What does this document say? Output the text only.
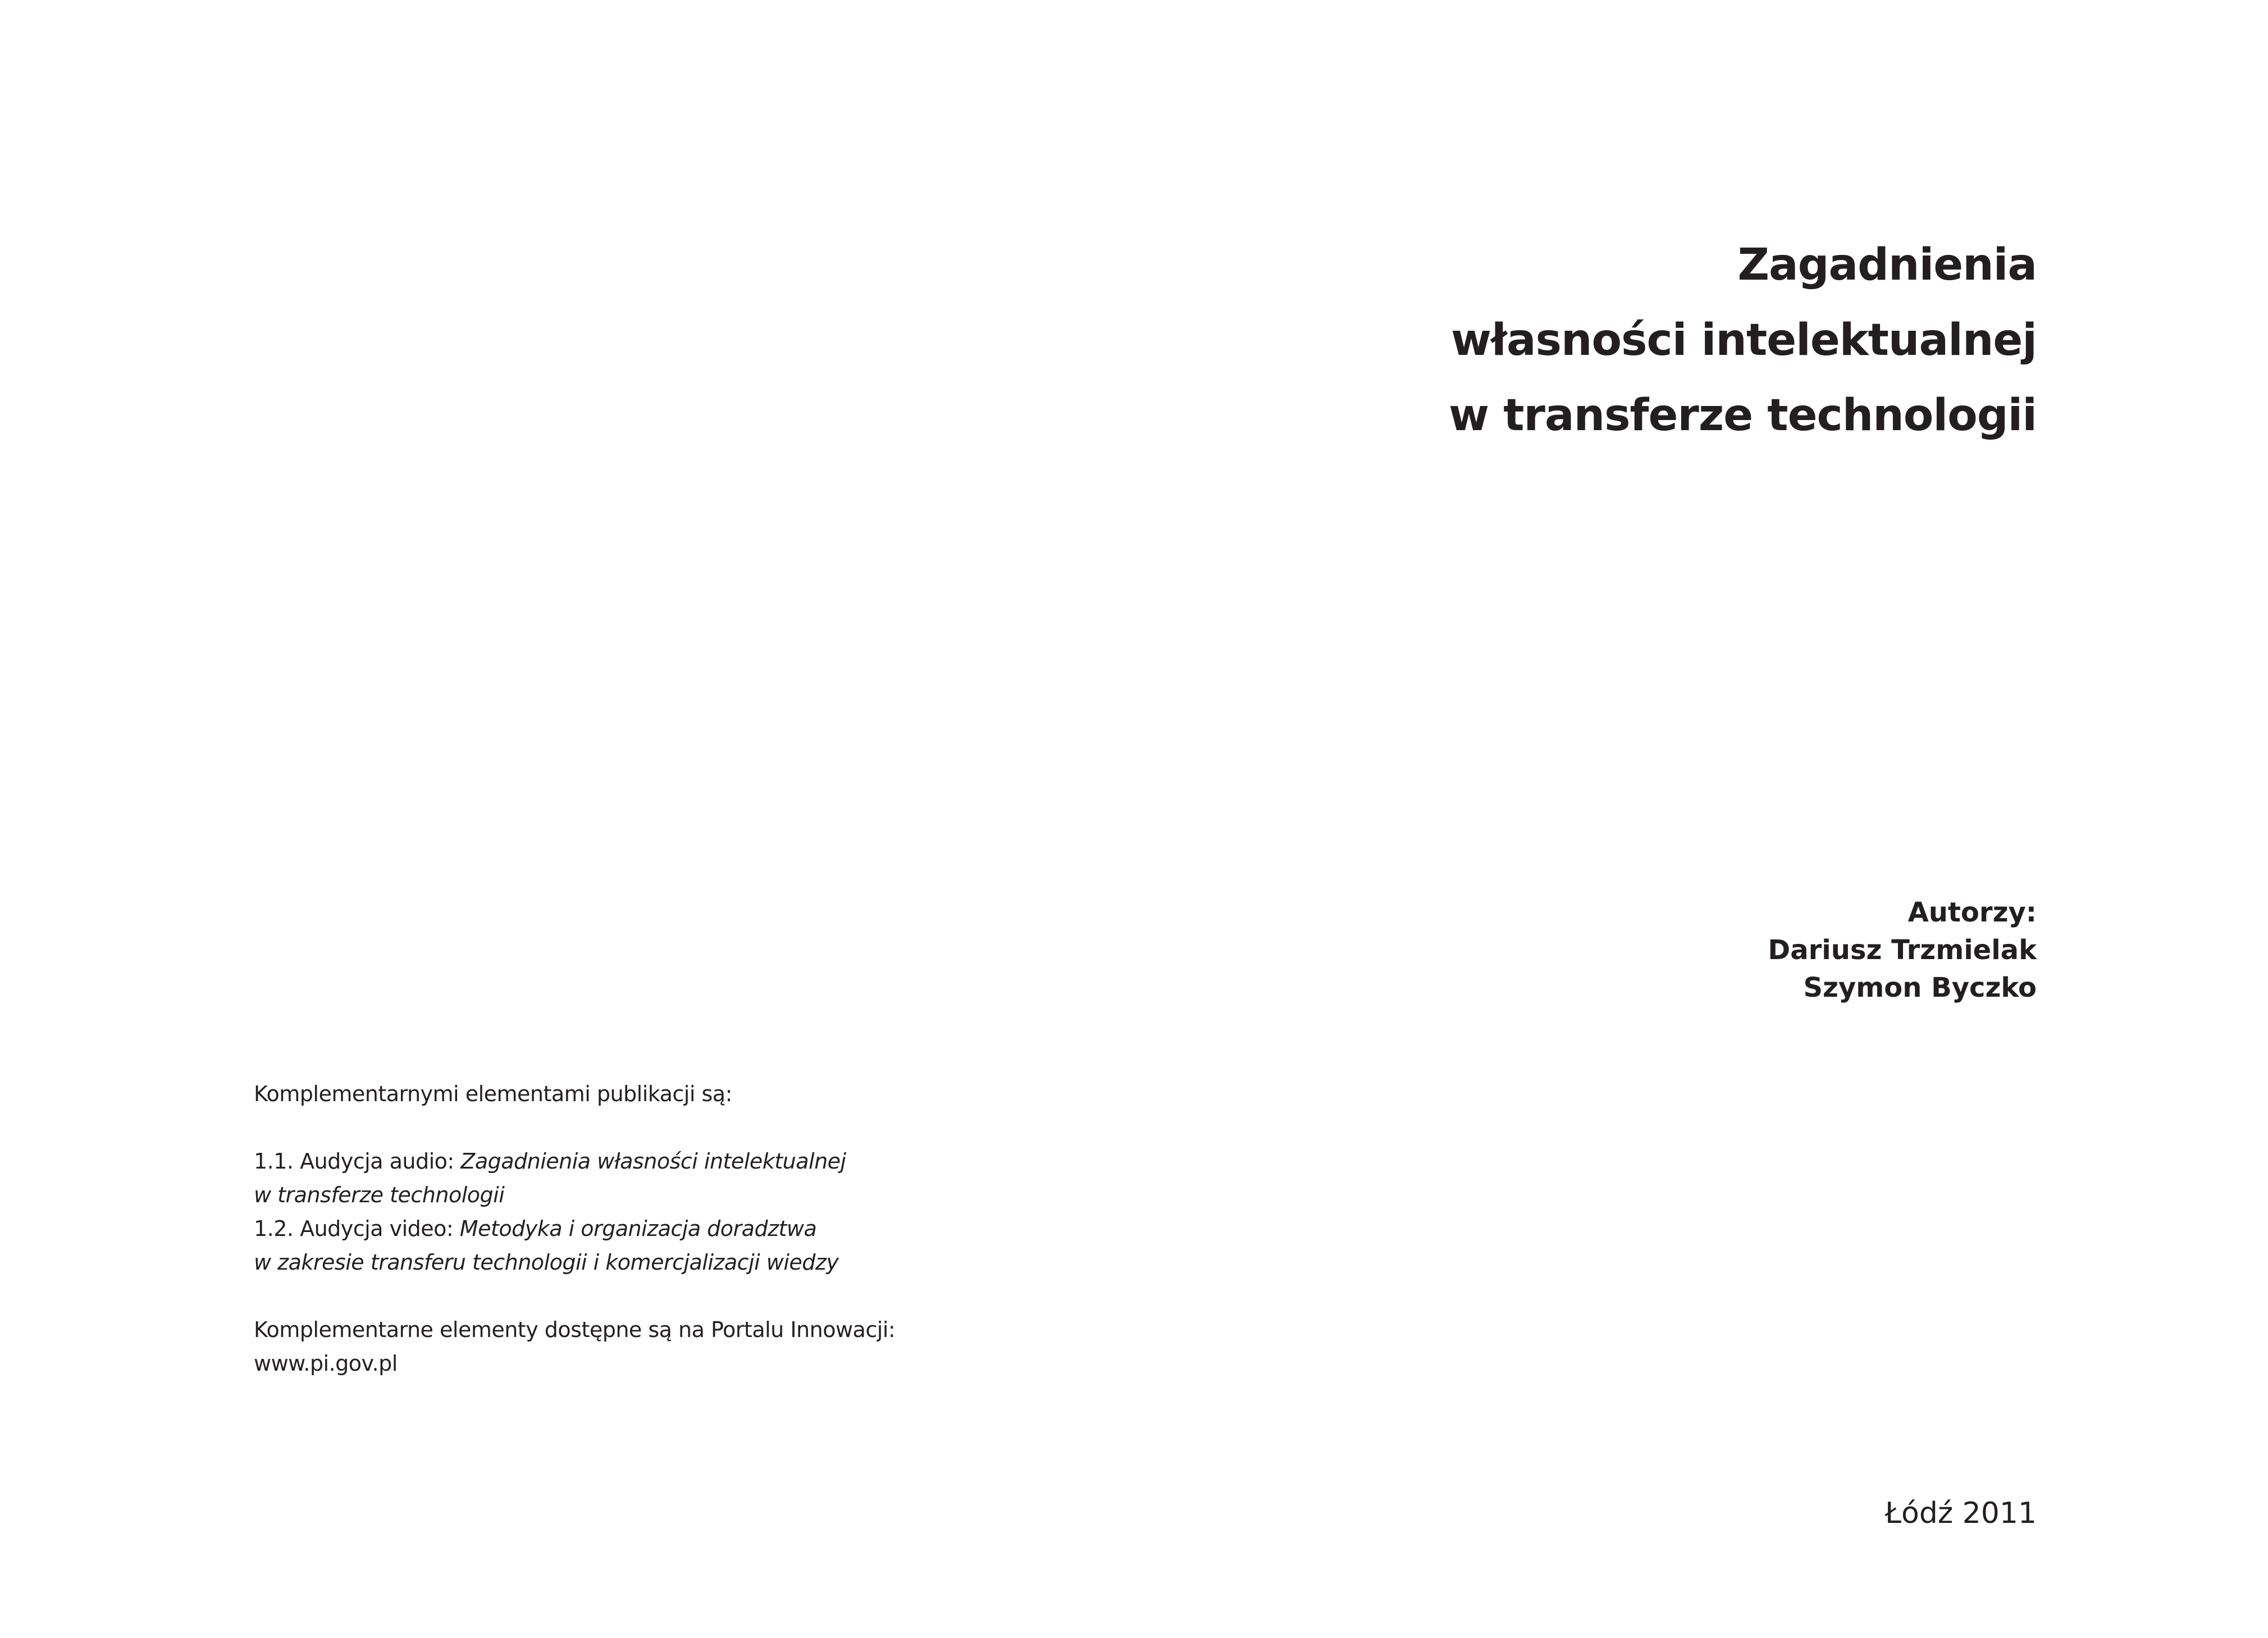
Zagadnienia
własności intelektualnej
w transferze technologii
Autorzy:
Dariusz Trzmielak
Szymon Byczko
Komplementarnymi elementami publikacji są:
1.1. Audycja audio: Zagadnienia własności intelektualnej
w transferze technologii
1.2. Audycja video: Metodyka i organizacja doradztwa
w zakresie transferu technologii i komercjalizacji wiedzy
Komplementarne elementy dostępne są na Portalu Innowacji:
www.pi.gov.pl
Łódź 2011
